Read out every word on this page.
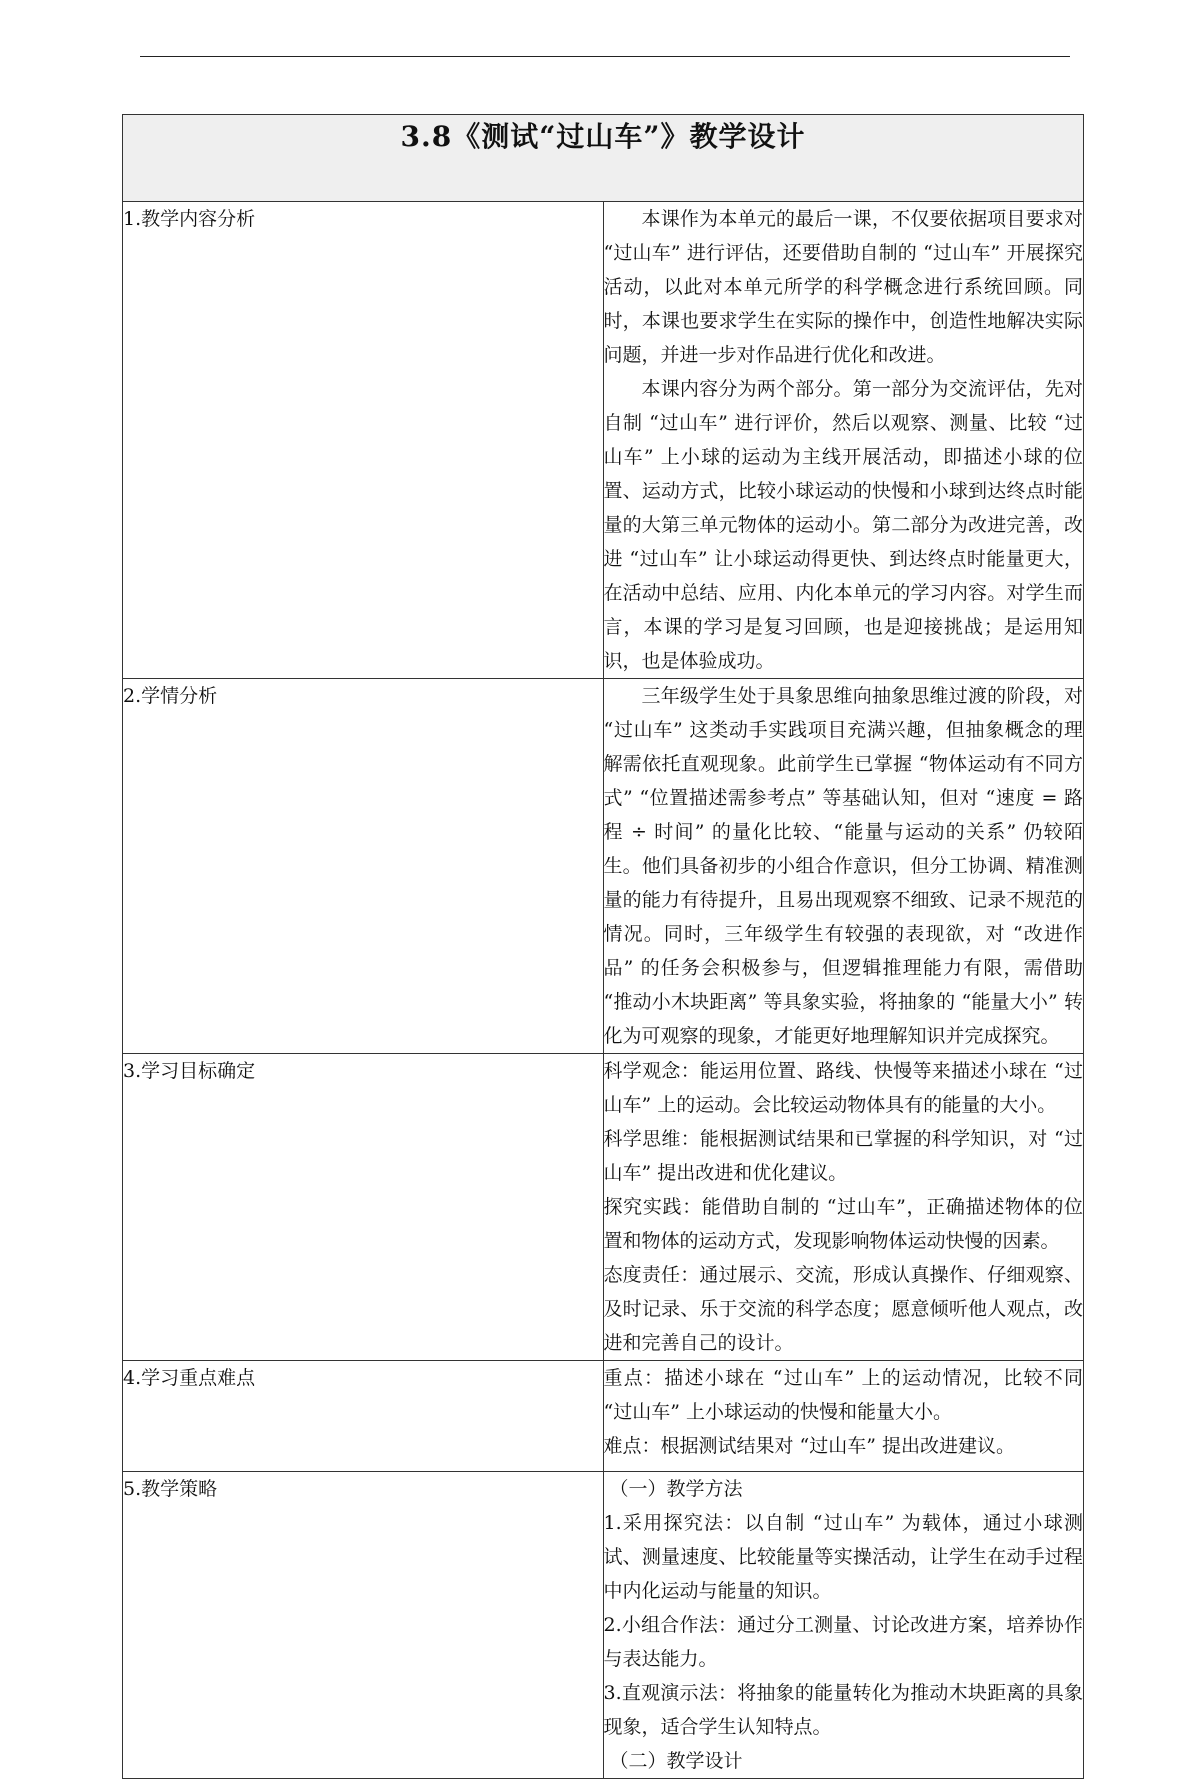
3.8《测试“过山车”》教学设计	
1.教学内容分析	本课作为本单元的最后一课，不仅要依据项目要求对 “过山车” 进行评估，还要借助自制的 “过山车” 开展探究活动，以此对本单元所学的科学概念进行系统回顾。同时，本课也要求学生在实际的操作中，创造性地解决实际问题，并进一步对作品进行优化和改进。

本课内容分为两个部分。第一部分为交流评估，先对自制 “过山车” 进行评价，然后以观察、测量、比较 “过山车” 上小球的运动为主线开展活动，即描述小球的位置、运动方式，比较小球运动的快慢和小球到达终点时能量的大第三单元物体的运动小。第二部分为改进完善，改进 “过山车” 让小球运动得更快、到达终点时能量更大，在活动中总结、应用、内化本单元的学习内容。对学生而言，本课的学习是复习回顾，也是迎接挑战；是运用知识，也是体验成功。

2.学情分析	三年级学生处于具象思维向抽象思维过渡的阶段，对 “过山车” 这类动手实践项目充满兴趣，但抽象概念的理解需依托直观现象。此前学生已掌握 “物体运动有不同方式” “位置描述需参考点” 等基础认知，但对 “速度 = 路程 ÷ 时间” 的量化比较、“能量与运动的关系” 仍较陌生。他们具备初步的小组合作意识，但分工协调、精准测量的能力有待提升，且易出现观察不细致、记录不规范的情况。同时，三年级学生有较强的表现欲，对 “改进作品” 的任务会积极参与，但逻辑推理能力有限，需借助 “推动小木块距离” 等具象实验，将抽象的 “能量大小” 转化为可观察的现象，才能更好地理解知识并完成探究。

3.学习目标确定	科学观念：能运用位置、路线、快慢等来描述小球在 “过山车” 上的运动。会比较运动物体具有的能量的大小。

科学思维：能根据测试结果和已掌握的科学知识，对 “过山车” 提出改进和优化建议。

探究实践：能借助自制的 “过山车”，正确描述物体的位置和物体的运动方式，发现影响物体运动快慢的因素。

态度责任：通过展示、交流，形成认真操作、仔细观察、及时记录、乐于交流的科学态度；愿意倾听他人观点，改进和完善自己的设计。

4.学习重点难点	重点：描述小球在 “过山车” 上的运动情况，比较不同 “过山车” 上小球运动的快慢和能量大小。

难点：根据测试结果对 “过山车” 提出改进建议。

5.教学策略	（一）教学方法

1.采用探究法：以自制 “过山车” 为载体，通过小球测试、测量速度、比较能量等实操活动，让学生在动手过程中内化运动与能量的知识。

2.小组合作法：通过分工测量、讨论改进方案，培养协作与表达能力。

3.直观演示法：将抽象的能量转化为推动木块距离的具象现象，适合学生认知特点。

（二）教学设计
